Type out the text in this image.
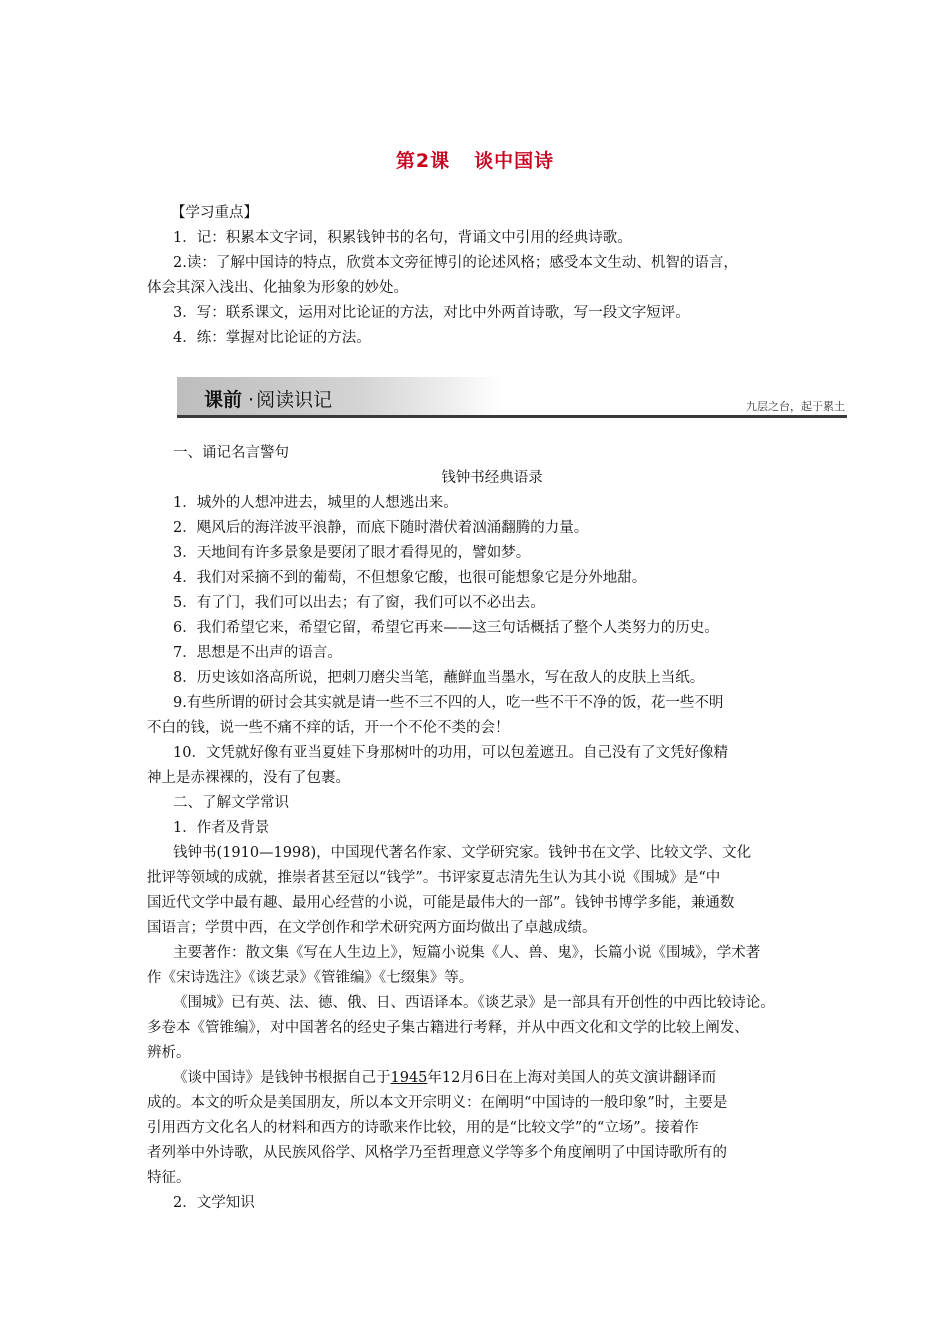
第2课 谈中国诗

【学习重点】

1．记：积累本文字词，积累钱钟书的名句，背诵文中引用的经典诗歌。

2.读：了解中国诗的特点，欣赏本文旁征博引的论述风格；感受本文生动、机智的语言，

体会其深入浅出、化抽象为形象的妙处。

3．写：联系课文，运用对比论证的方法，对比中外两首诗歌，写一段文字短评。

4．练：掌握对比论证的方法。

课前 · 阅读识记	九层之台，起于累土

一、诵记名言警句

钱钟书经典语录

1．城外的人想冲进去，城里的人想逃出来。

2．飓风后的海洋波平浪静，而底下随时潜伏着汹涌翻腾的力量。

3．天地间有许多景象是要闭了眼才看得见的，譬如梦。

4．我们对采摘不到的葡萄，不但想象它酸，也很可能想象它是分外地甜。

5．有了门，我们可以出去；有了窗，我们可以不必出去。

6．我们希望它来，希望它留，希望它再来——这三句话概括了整个人类努力的历史。

7．思想是不出声的语言。

8．历史该如洛高所说，把刺刀磨尖当笔，蘸鲜血当墨水，写在敌人的皮肤上当纸。

9.有些所谓的研讨会其实就是请一些不三不四的人，吃一些不干不净的饭，花一些不明

不白的钱，说一些不痛不痒的话，开一个不伦不类的会！

10．文凭就好像有亚当夏娃下身那树叶的功用，可以包羞遮丑。自己没有了文凭好像精

神上是赤裸裸的，没有了包裹。

二、了解文学常识

1．作者及背景

钱钟书(1910—1998)，中国现代著名作家、文学研究家。钱钟书在文学、比较文学、文化

批评等领域的成就，推崇者甚至冠以“钱学”。书评家夏志清先生认为其小说《围城》是“中

国近代文学中最有趣、最用心经营的小说，可能是最伟大的一部”。钱钟书博学多能，兼通数

国语言；学贯中西，在文学创作和学术研究两方面均做出了卓越成绩。

主要著作：散文集《写在人生边上》，短篇小说集《人、兽、鬼》，长篇小说《围城》，学术著

作《宋诗选注》《谈艺录》《管锥编》《七缀集》等。

《围城》已有英、法、德、俄、日、西语译本。《谈艺录》是一部具有开创性的中西比较诗论。

多卷本《管锥编》，对中国著名的经史子集古籍进行考释，并从中西文化和文学的比较上阐发、

辨析。

《谈中国诗》是钱钟书根据自己于1945年12月6日在上海对美国人的英文演讲翻译而

成的。本文的听众是美国朋友，所以本文开宗明义：在阐明“中国诗的一般印象”时，主要是

引用西方文化名人的材料和西方的诗歌来作比较，用的是“比较文学”的“立场”。接着作

者列举中外诗歌，从民族风俗学、风格学乃至哲理意义学等多个角度阐明了中国诗歌所有的

特征。

2．文学知识
